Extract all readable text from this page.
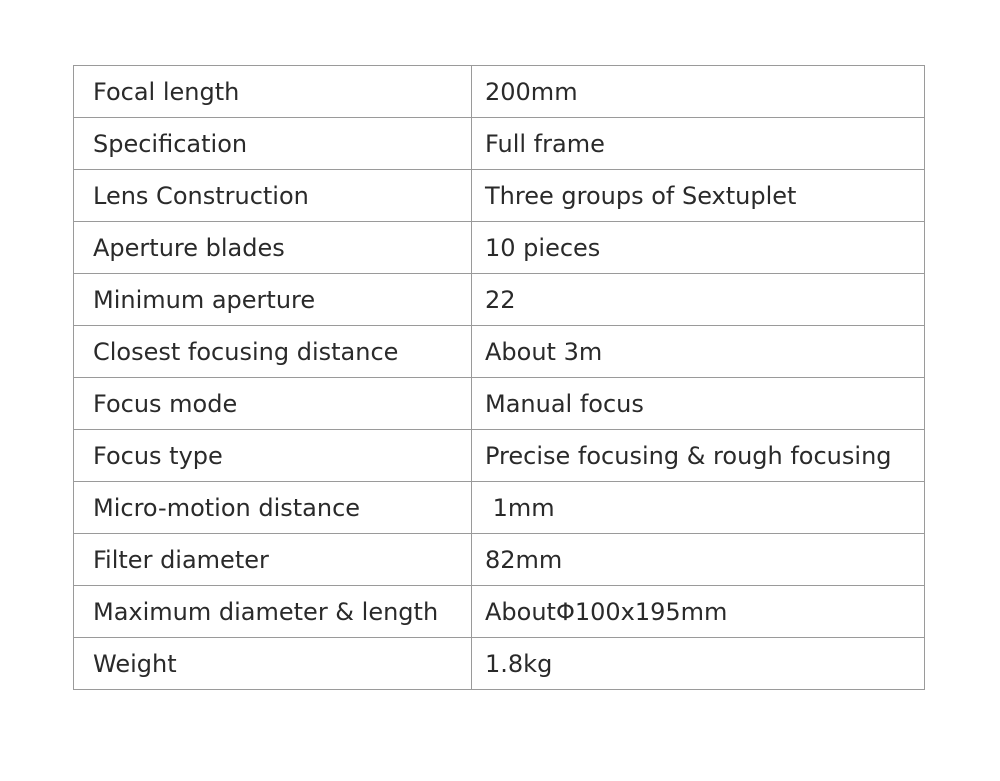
Focal length	200mm
Specification	Full frame
Lens Construction	Three groups of Sextuplet
Aperture blades	10 pieces
Minimum aperture	22
Closest focusing distance	About 3m
Focus mode	Manual focus
Focus type	Precise focusing & rough focusing
Micro-motion distance	1mm
Filter diameter	82mm
Maximum diameter & length	AboutΦ100x195mm
Weight	1.8kg
